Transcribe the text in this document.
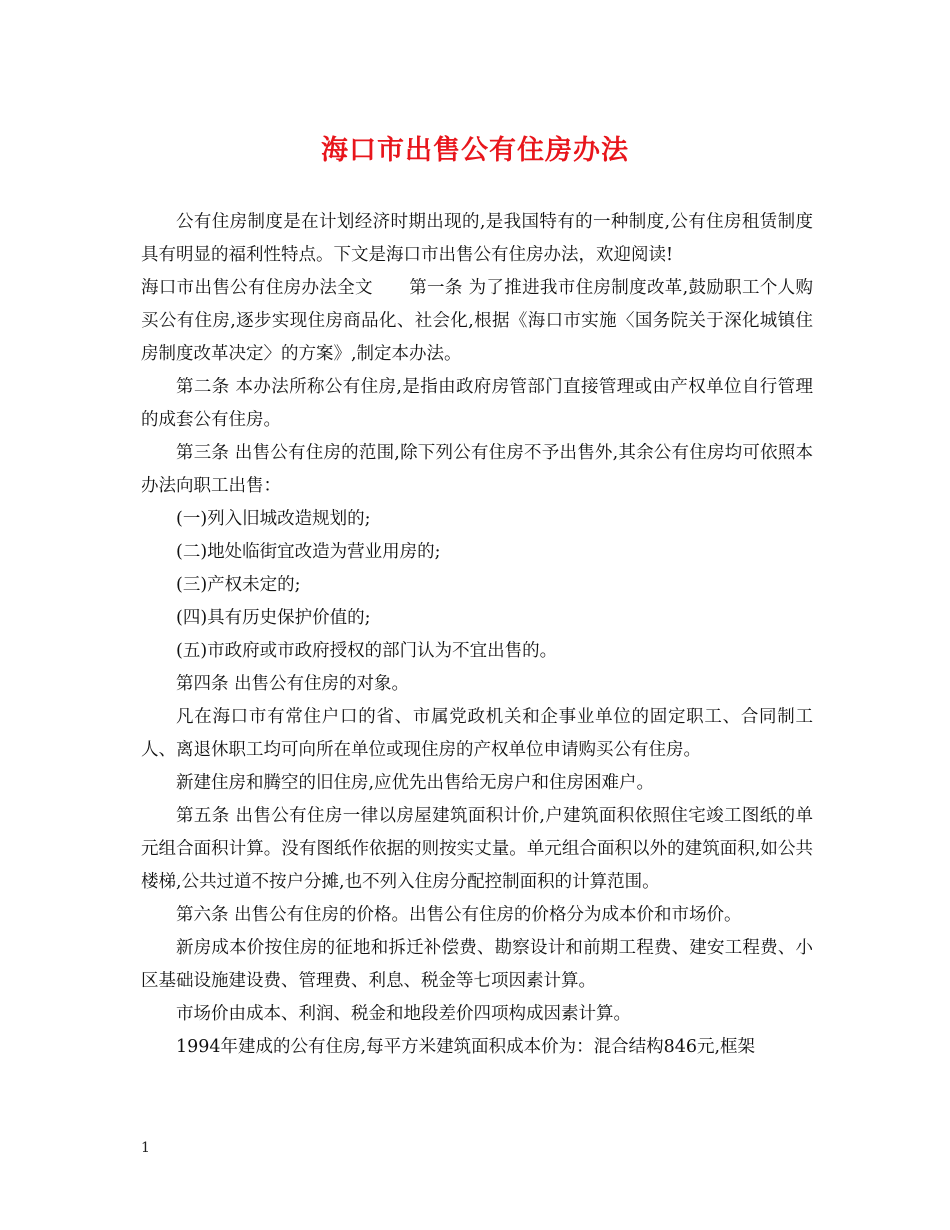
海口市出售公有住房办法

公有住房制度是在计划经济时期出现的,是我国特有的一种制度,公有住房租赁制度具有明显的福利性特点。下文是海口市出售公有住房办法，欢迎阅读!

海口市出售公有住房办法全文 第一条 为了推进我市住房制度改革,鼓励职工个人购买公有住房,逐步实现住房商品化、社会化,根据《海口市实施〈国务院关于深化城镇住房制度改革决定〉的方案》,制定本办法。

第二条 本办法所称公有住房,是指由政府房管部门直接管理或由产权单位自行管理的成套公有住房。

第三条 出售公有住房的范围,除下列公有住房不予出售外,其余公有住房均可依照本办法向职工出售：

(一)列入旧城改造规划的;

(二)地处临街宜改造为营业用房的;

(三)产权未定的;

(四)具有历史保护价值的;

(五)市政府或市政府授权的部门认为不宜出售的。

第四条 出售公有住房的对象。

凡在海口市有常住户口的省、市属党政机关和企事业单位的固定职工、合同制工人、离退休职工均可向所在单位或现住房的产权单位申请购买公有住房。

新建住房和腾空的旧住房,应优先出售给无房户和住房困难户。

第五条 出售公有住房一律以房屋建筑面积计价,户建筑面积依照住宅竣工图纸的单元组合面积计算。没有图纸作依据的则按实丈量。单元组合面积以外的建筑面积,如公共楼梯,公共过道不按户分摊,也不列入住房分配控制面积的计算范围。

第六条 出售公有住房的价格。出售公有住房的价格分为成本价和市场价。

新房成本价按住房的征地和拆迁补偿费、勘察设计和前期工程费、建安工程费、小区基础设施建设费、管理费、利息、税金等七项因素计算。

市场价由成本、利润、税金和地段差价四项构成因素计算。

1994年建成的公有住房,每平方米建筑面积成本价为：混合结构846元,框架

1
